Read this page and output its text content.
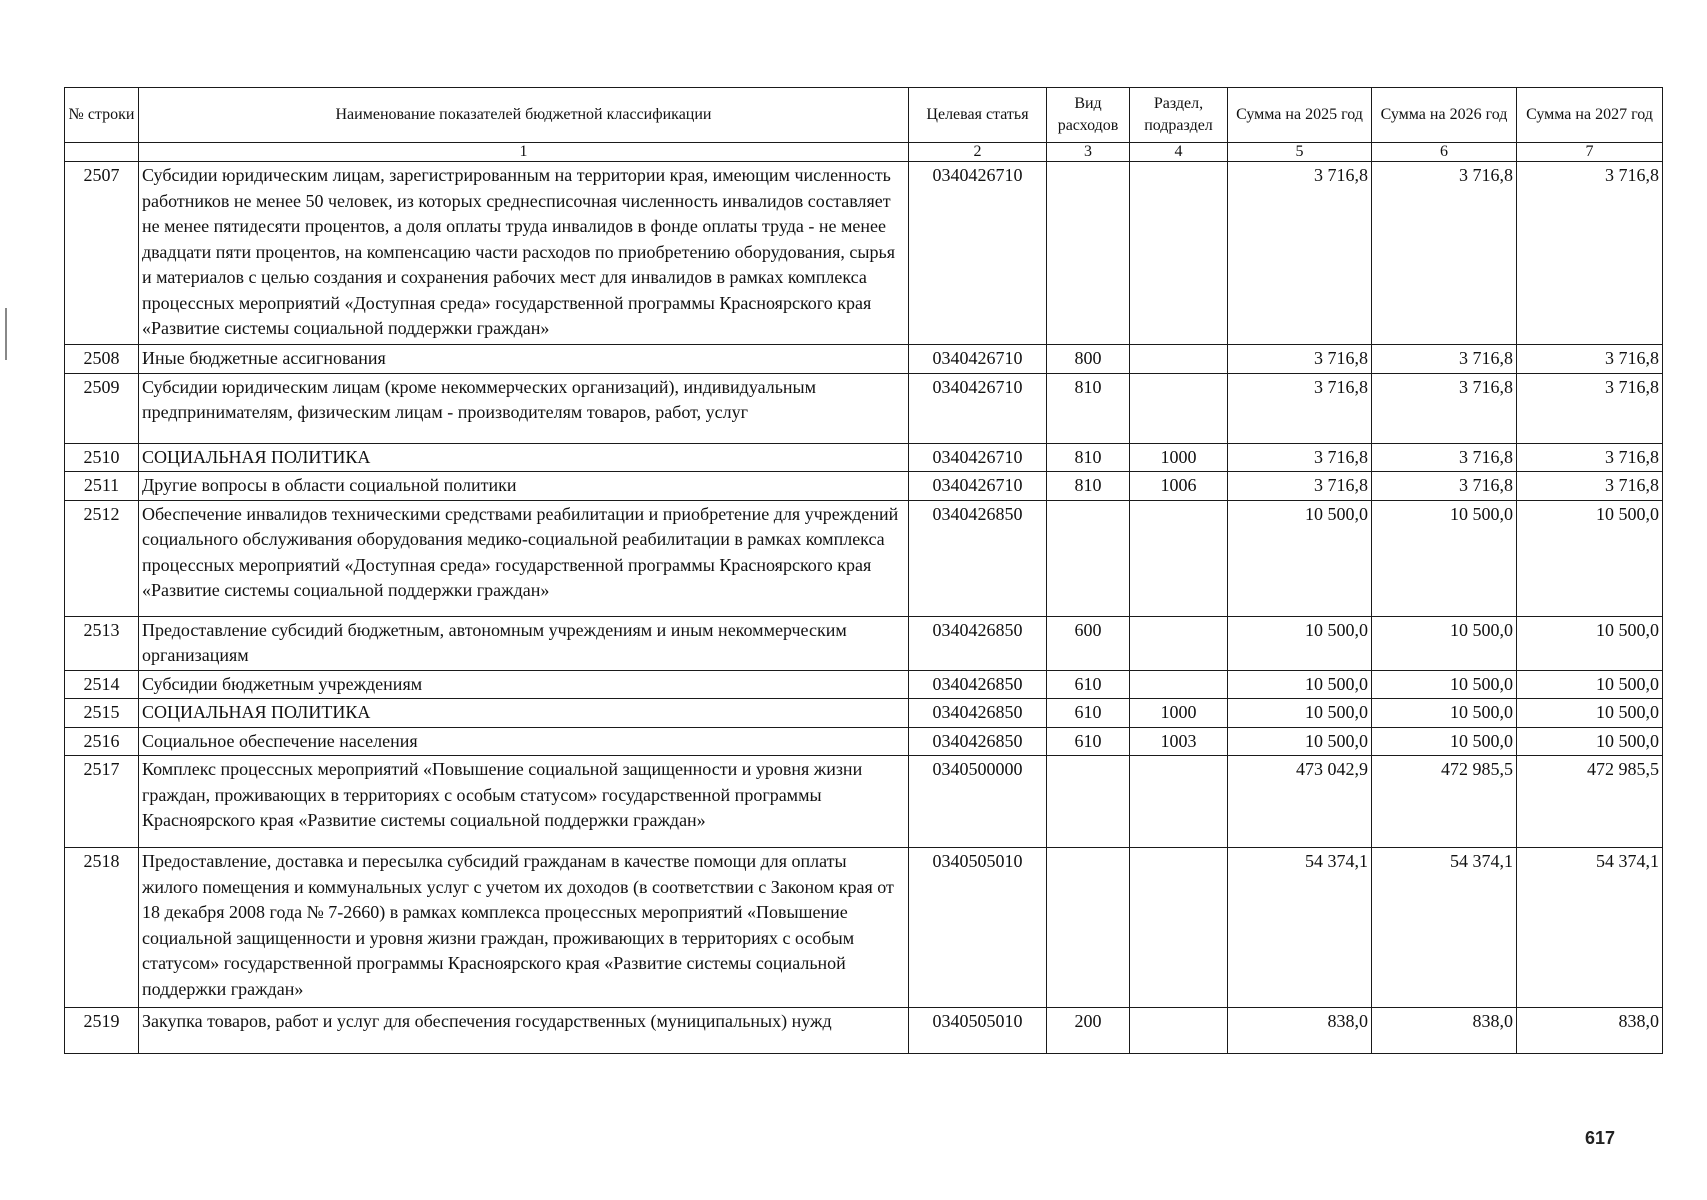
№ строки	Наименование показателей бюджетной классификации	Целевая статья	Вид расходов	Раздел, подраздел	Сумма на 2025 год	Сумма на 2026 год	Сумма на 2027 год
	1	2	3	4	5	6	7
2507	Субсидии юридическим лицам, зарегистрированным на территории края, имеющим численность работников не менее 50 человек, из которых среднесписочная численность инвалидов составляет не менее пятидесяти процентов, а доля оплаты труда инвалидов в фонде оплаты труда - не менее двадцати пяти процентов, на компенсацию части расходов по приобретению оборудования, сырья и материалов с целью создания и сохранения рабочих мест для инвалидов в рамках комплекса процессных мероприятий «Доступная среда» государственной программы Красноярского края «Развитие системы социальной поддержки граждан»	0340426710			3 716,8	3 716,8	3 716,8
2508	Иные бюджетные ассигнования	0340426710	800		3 716,8	3 716,8	3 716,8
2509	Субсидии юридическим лицам (кроме некоммерческих организаций), индивидуальным предпринимателям, физическим лицам - производителям товаров, работ, услуг	0340426710	810		3 716,8	3 716,8	3 716,8
2510	СОЦИАЛЬНАЯ ПОЛИТИКА	0340426710	810	1000	3 716,8	3 716,8	3 716,8
2511	Другие вопросы в области социальной политики	0340426710	810	1006	3 716,8	3 716,8	3 716,8
2512	Обеспечение инвалидов техническими средствами реабилитации и приобретение для учреждений социального обслуживания оборудования медико-социальной реабилитации в рамках комплекса процессных мероприятий «Доступная среда» государственной программы Красноярского края «Развитие системы социальной поддержки граждан»	0340426850			10 500,0	10 500,0	10 500,0
2513	Предоставление субсидий бюджетным, автономным учреждениям и иным некоммерческим организациям	0340426850	600		10 500,0	10 500,0	10 500,0
2514	Субсидии бюджетным учреждениям	0340426850	610		10 500,0	10 500,0	10 500,0
2515	СОЦИАЛЬНАЯ ПОЛИТИКА	0340426850	610	1000	10 500,0	10 500,0	10 500,0
2516	Социальное обеспечение населения	0340426850	610	1003	10 500,0	10 500,0	10 500,0
2517	Комплекс процессных мероприятий «Повышение социальной защищенности и уровня жизни граждан, проживающих в территориях с особым статусом» государственной программы Красноярского края «Развитие системы социальной поддержки граждан»	0340500000			473 042,9	472 985,5	472 985,5
2518	Предоставление, доставка и пересылка субсидий гражданам в качестве помощи для оплаты жилого помещения и коммунальных услуг с учетом их доходов (в соответствии с Законом края от 18 декабря 2008 года № 7-2660) в рамках комплекса процессных мероприятий «Повышение социальной защищенности и уровня жизни граждан, проживающих в территориях с особым статусом» государственной программы Красноярского края «Развитие системы социальной поддержки граждан»	0340505010			54 374,1	54 374,1	54 374,1
2519	Закупка товаров, работ и услуг для обеспечения государственных (муниципальных) нужд	0340505010	200		838,0	838,0	838,0
617
